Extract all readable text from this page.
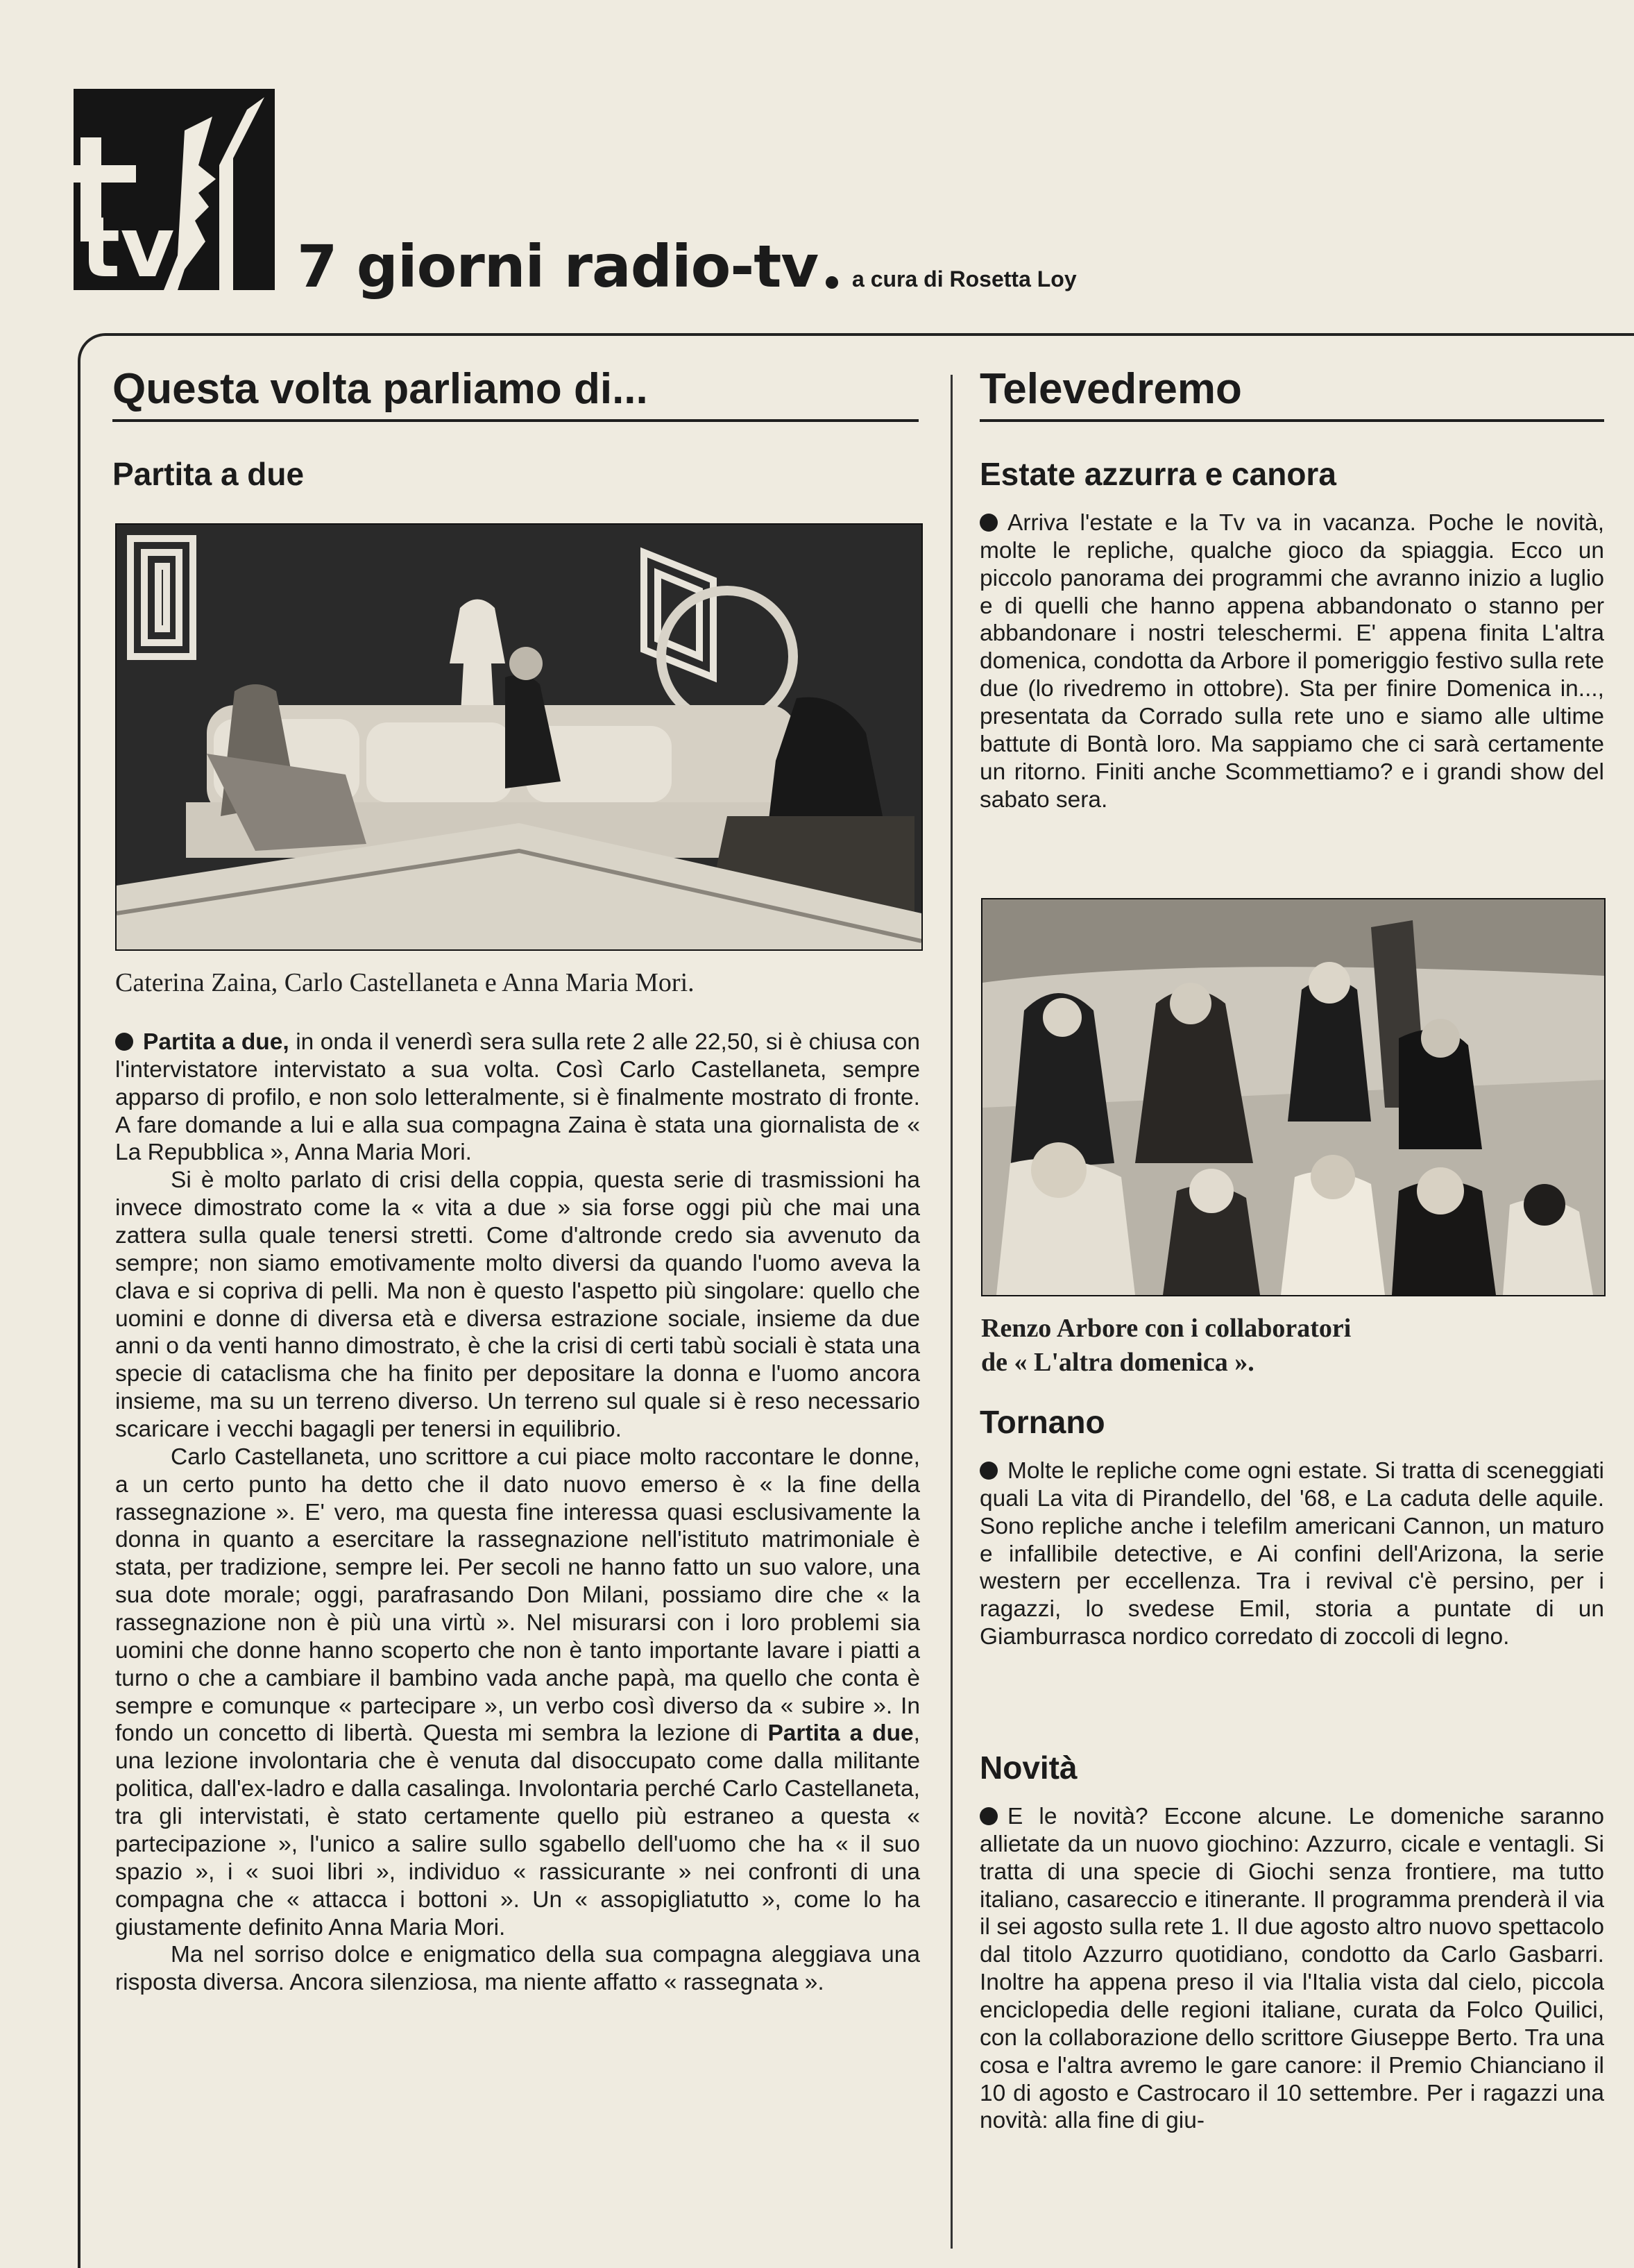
tv 7 giorni radio-tv a cura di Rosetta Loy
Questa volta parliamo di...
Partita a due
Caterina Zaina, Carlo Castellaneta e Anna Maria Mori.

Partita a due, in onda il venerdì sera sulla rete 2 alle 22,50, si è chiusa con l'intervistatore intervistato a sua volta. Così Carlo Castellaneta, sempre apparso di profilo, e non solo letteralmente, si è finalmente mostrato di fronte. A fare domande a lui e alla sua compagna Zaina è stata una giornalista de « La Repubblica », Anna Maria Mori.

Si è molto parlato di crisi della coppia, questa serie di trasmissioni ha invece dimostrato come la « vita a due » sia forse oggi più che mai una zattera sulla quale tenersi stretti. Come d'altronde credo sia avvenuto da sempre; non siamo emotivamente molto diversi da quando l'uomo aveva la clava e si copriva di pelli. Ma non è questo l'aspetto più singolare: quello che uomini e donne di diversa età e diversa estrazione sociale, insieme da due anni o da venti hanno dimostrato, è che la crisi di certi tabù sociali è stata una specie di cataclisma che ha finito per depositare la donna e l'uomo ancora insieme, ma su un terreno diverso. Un terreno sul quale si è reso necessario scaricare i vecchi bagagli per tenersi in equilibrio.

Carlo Castellaneta, uno scrittore a cui piace molto raccontare le donne, a un certo punto ha detto che il dato nuovo emerso è « la fine della rassegnazione ». E' vero, ma questa fine interessa quasi esclusivamente la donna in quanto a esercitare la rassegnazione nell'istituto matrimoniale è stata, per tradizione, sempre lei. Per secoli ne hanno fatto un suo valore, una sua dote morale; oggi, parafrasando Don Milani, possiamo dire che « la rassegnazione non è più una virtù ». Nel misurarsi con i loro problemi sia uomini che donne hanno scoperto che non è tanto importante lavare i piatti a turno o che a cambiare il bambino vada anche papà, ma quello che conta è sempre e comunque « partecipare », un verbo così diverso da « subire ». In fondo un concetto di libertà. Questa mi sembra la lezione di Partita a due, una lezione involontaria che è venuta dal disoccupato come dalla militante politica, dall'ex-ladro e dalla casalinga. Involontaria perché Carlo Castellaneta, tra gli intervistati, è stato certamente quello più estraneo a questa « partecipazione », l'unico a salire sullo sgabello dell'uomo che ha « il suo spazio », i « suoi libri », individuo « rassicurante » nei confronti di una compagna che « attacca i bottoni ». Un « assopigliatutto », come lo ha giustamente definito Anna Maria Mori.

Ma nel sorriso dolce e enigmatico della sua compagna aleggiava una risposta diversa. Ancora silenziosa, ma niente affatto « rassegnata ».

Televedremo
Estate azzurra e canora

Arriva l'estate e la Tv va in vacanza. Poche le novità, molte le repliche, qualche gioco da spiaggia. Ecco un piccolo panorama dei programmi che avranno inizio a luglio e di quelli che hanno appena abbandonato o stanno per abbandonare i nostri teleschermi. E' appena finita L'altra domenica, condotta da Arbore il pomeriggio festivo sulla rete due (lo rivedremo in ottobre). Sta per finire Domenica in..., presentata da Corrado sulla rete uno e siamo alle ultime battute di Bontà loro. Ma sappiamo che ci sarà certamente un ritorno. Finiti anche Scommettiamo? e i grandi show del sabato sera.

Renzo Arbore con i collaboratori
de « L'altra domenica ».
Tornano

Molte le repliche come ogni estate. Si tratta di sceneggiati quali La vita di Pirandello, del '68, e La caduta delle aquile. Sono repliche anche i telefilm americani Cannon, un maturo e infallibile detective, e Ai confini dell'Arizona, la serie western per eccellenza. Tra i revival c'è persino, per i ragazzi, lo svedese Emil, storia a puntate di un Giamburrasca nordico corredato di zoccoli di legno.

Novità

E le novità? Eccone alcune. Le domeniche saranno allietate da un nuovo giochino: Azzurro, cicale e ventagli. Si tratta di una specie di Giochi senza frontiere, ma tutto italiano, casareccio e itinerante. Il programma prenderà il via il sei agosto sulla rete 1. Il due agosto altro nuovo spettacolo dal titolo Azzurro quotidiano, condotto da Carlo Gasbarri. Inoltre ha appena preso il via l'Italia vista dal cielo, piccola enciclopedia delle regioni italiane, curata da Folco Quilici, con la collaborazione dello scrittore Giuseppe Berto. Tra una cosa e l'altra avremo le gare canore: il Premio Chianciano il 10 di agosto e Castrocaro il 10 settembre. Per i ragazzi una novità: alla fine di giu-
